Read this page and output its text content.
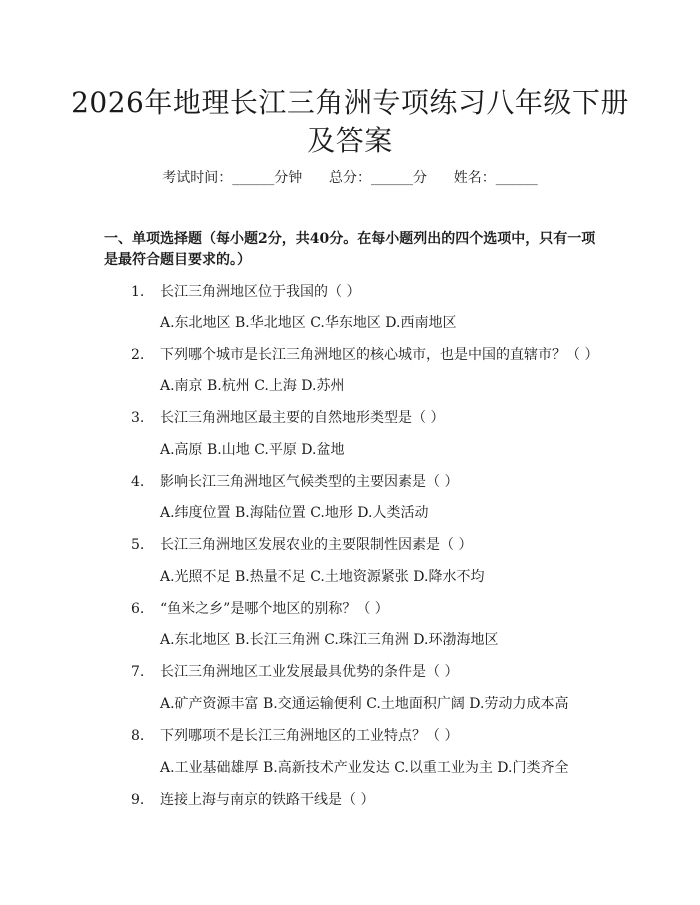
2026年地理长江三角洲专项练习八年级下册及答案
考试时间：______分钟      总分：______分      姓名：______
一、单项选择题（每小题2分，共40分。在每小题列出的四个选项中，只有一项是最符合题目要求的。）
1. 长江三角洲地区位于我国的（ ）
A.东北地区 B.华北地区 C.华东地区 D.西南地区
2. 下列哪个城市是长江三角洲地区的核心城市，也是中国的直辖市？（ ）
A.南京 B.杭州 C.上海 D.苏州
3. 长江三角洲地区最主要的自然地形类型是（ ）
A.高原 B.山地 C.平原 D.盆地
4. 影响长江三角洲地区气候类型的主要因素是（ ）
A.纬度位置 B.海陆位置 C.地形 D.人类活动
5. 长江三角洲地区发展农业的主要限制性因素是（ ）
A.光照不足 B.热量不足 C.土地资源紧张 D.降水不均
6. “鱼米之乡”是哪个地区的别称？（ ）
A.东北地区 B.长江三角洲 C.珠江三角洲 D.环渤海地区
7. 长江三角洲地区工业发展最具优势的条件是（ ）
A.矿产资源丰富 B.交通运输便利 C.土地面积广阔 D.劳动力成本高
8. 下列哪项不是长江三角洲地区的工业特点？（ ）
A.工业基础雄厚 B.高新技术产业发达 C.以重工业为主 D.门类齐全
9. 连接上海与南京的铁路干线是（ ）
